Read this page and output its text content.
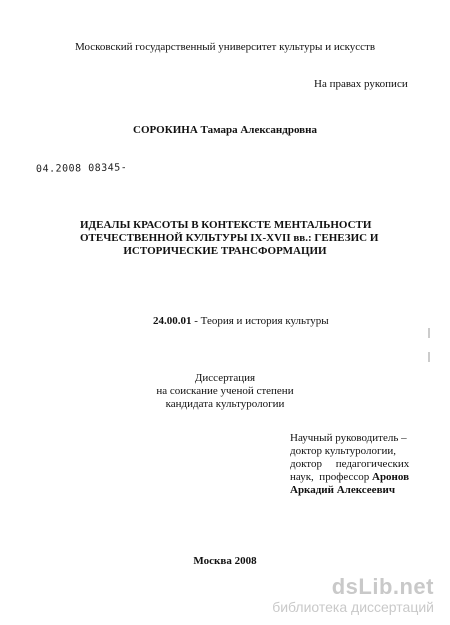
Московский государственный университет культуры и искусств
На правах рукописи
СОРОКИНА Тамара Александровна
04.2008 08345-
ИДЕАЛЫ КРАСОТЫ В КОНТЕКСТЕ МЕНТАЛЬНОСТИ
ОТЕЧЕСТВЕННОЙ КУЛЬТУРЫ IX-XVII вв.: ГЕНЕЗИС И
ИСТОРИЧЕСКИЕ ТРАНСФОРМАЦИИ
24.00.01 - Теория и история культуры
Диссертация
на соискание ученой степени
кандидата культурологии
Научный руководитель –
доктор культурологии,
доктор     педагогических
наук,  профессор Аронов
Аркадий Алексеевич
Москва 2008
dsLib.net
библиотека диссертаций
